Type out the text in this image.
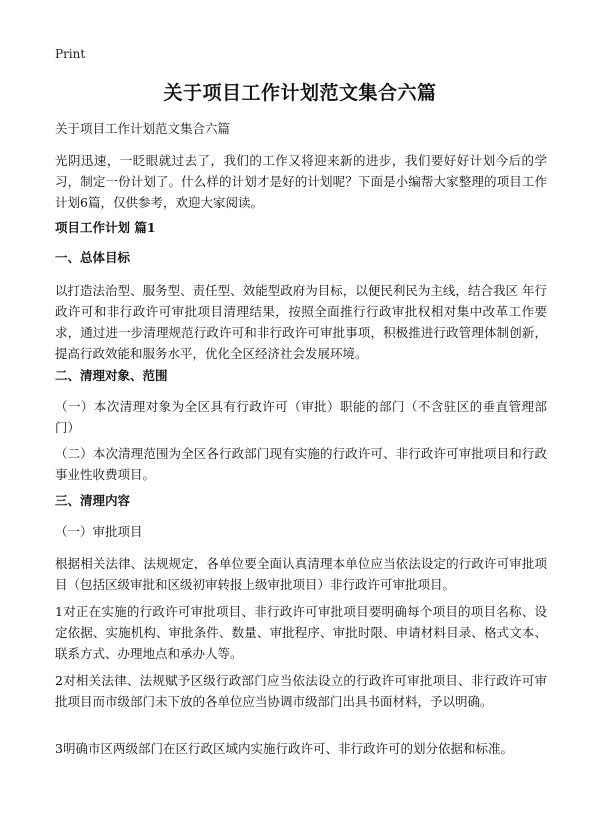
Print
关于项目工作计划范文集合六篇

关于项目工作计划范文集合六篇

光阴迅速，一眨眼就过去了，我们的工作又将迎来新的进步，我们要好好计划今后的学习，制定一份计划了。什么样的计划才是好的计划呢？下面是小编帮大家整理的项目工作计划6篇，仅供参考，欢迎大家阅读。

项目工作计划 篇1

一、总体目标

以打造法治型、服务型、责任型、效能型政府为目标，以便民利民为主线，结合我区 年行政许可和非行政许可审批项目清理结果，按照全面推行行政审批权相对集中改革工作要求，通过进一步清理规范行政许可和非行政许可审批事项，积极推进行政管理体制创新，提高行政效能和服务水平，优化全区经济社会发展环境。

二、清理对象、范围

（一）本次清理对象为全区具有行政许可（审批）职能的部门（不含驻区的垂直管理部门）

（二）本次清理范围为全区各行政部门现有实施的行政许可、非行政许可审批项目和行政事业性收费项目。

三、清理内容

（一）审批项目

根据相关法律、法规规定，各单位要全面认真清理本单位应当依法设定的行政许可审批项目（包括区级审批和区级初审转报上级审批项目）非行政许可审批项目。

1对正在实施的行政许可审批项目、非行政许可审批项目要明确每个项目的项目名称、设定依据、实施机构、审批条件、数量、审批程序、审批时限、申请材料目录、格式文本、联系方式、办理地点和承办人等。

2对相关法律、法规赋予区级行政部门应当依法设立的行政许可审批项目、非行政许可审批项目而市级部门未下放的各单位应当协调市级部门出具书面材料，予以明确。

3明确市区两级部门在区行政区域内实施行政许可、非行政许可的划分依据和标准。
